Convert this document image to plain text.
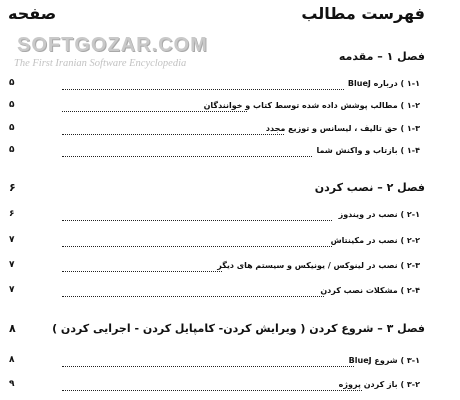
فهرست مطالب
صفحه
SOFTGOZAR.COM
The First Iranian Software Encyclopedia
فصل ۱ – مقدمه
۱-۱ ) درباره BlueJ
۵
۱-۲ ) مطالب پوشش داده شده توسط کتاب و خوانندگان
۵
۱-۳ ) حق تالیف ، لیسانس و توزیع مجدد
۵
۱-۴ ) بازتاب و واکنش شما
۵
فصل ۲ – نصب کردن
۶
۲-۱ ) نصب در ویندوز
۶
۲-۲ ) نصب در مکینتاش
۷
۲-۳ ) نصب در لینوکس / یونیکس و سیستم های دیگر
۷
۲-۴ ) مشکلات نصب کردن
۷
فصل ۳ – شروع کردن ( ویرایش کردن- کامپایل کردن - اجرایی کردن )
۸
۳-۱ ) شروع BlueJ
۸
۳-۲ ) باز کردن پروژه
۹
